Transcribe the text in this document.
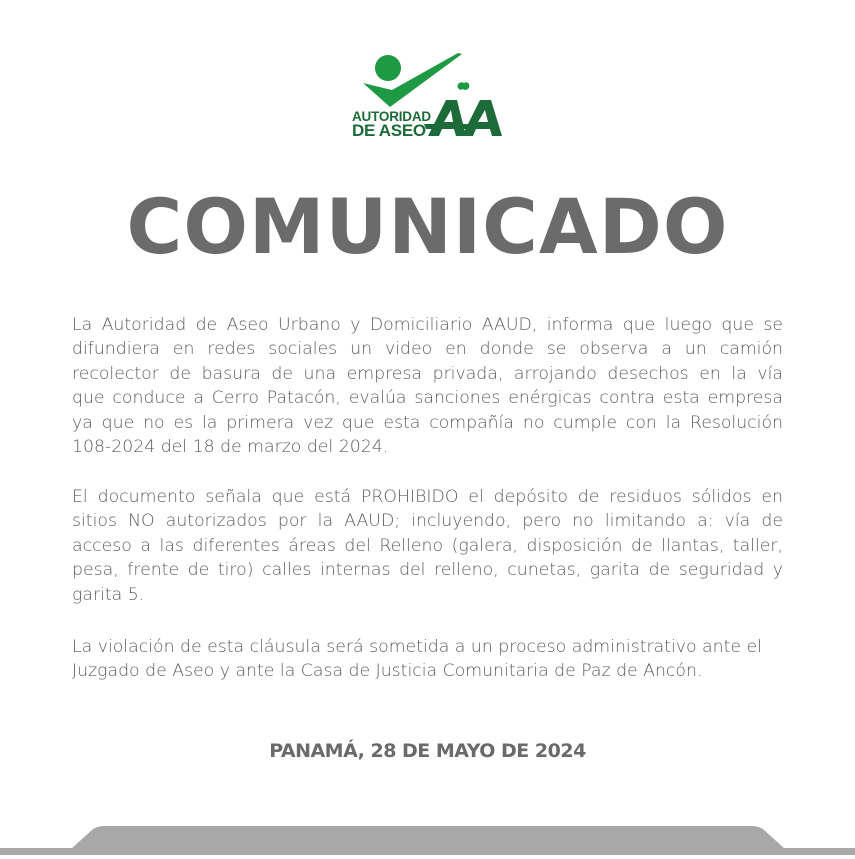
AUTORIDAD
DE ASEO
COMUNICADO
La Autoridad de Aseo Urbano y Domiciliario AAUD, informa que luego que se
difundiera en redes sociales un video en donde se observa a un camión
recolector de basura de una empresa privada, arrojando desechos en la vía
que conduce a Cerro Patacón, evalúa sanciones enérgicas contra esta empresa
ya que no es la primera vez que esta compañía no cumple con la Resolución
108-2024 del 18 de marzo del 2024.
El documento señala que está PROHIBIDO el depósito de residuos sólidos en
sitios NO autorizados por la AAUD; incluyendo, pero no limitando a: vía de
acceso a las diferentes áreas del Relleno (galera, disposición de llantas, taller,
pesa, frente de tiro) calles internas del relleno, cunetas, garita de seguridad y
garita 5.
La violación de esta cláusula será sometida a un proceso administrativo ante el
Juzgado de Aseo y ante la Casa de Justicia Comunitaria de Paz de Ancón.
PANAMÁ, 28 DE MAYO DE 2024
